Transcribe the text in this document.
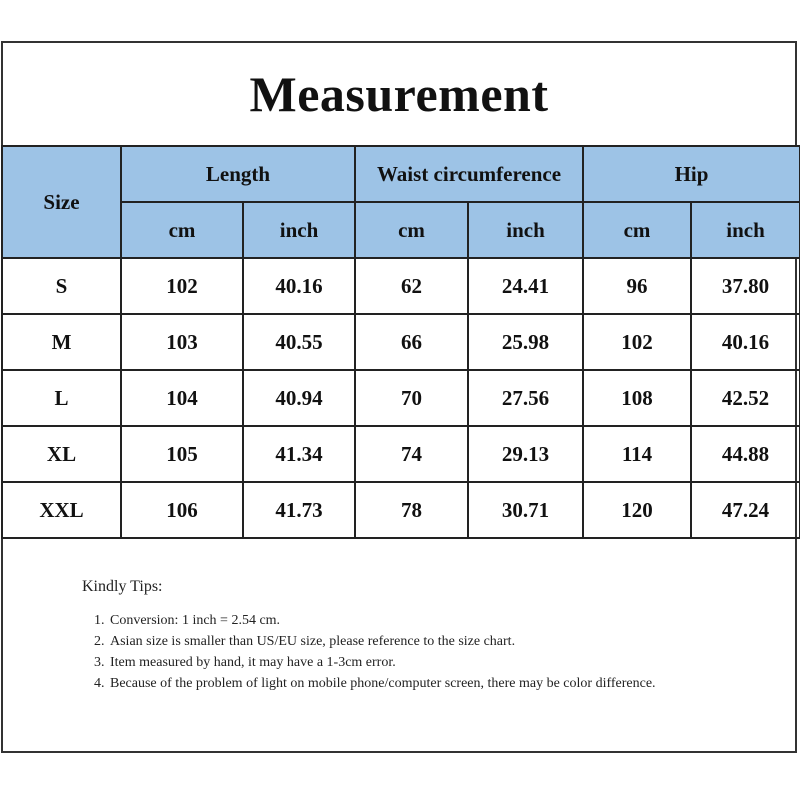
Measurement
Size	Length		Waist circumference		Hip	
	cm	inch	cm	inch	cm	inch
S	102	40.16	62	24.41	96	37.80
M	103	40.55	66	25.98	102	40.16
L	104	40.94	70	27.56	108	42.52
XL	105	41.34	74	29.13	114	44.88
XXL	106	41.73	78	30.71	120	47.24
Kindly Tips:
1. Conversion: 1 inch = 2.54 cm.
2. Asian size is smaller than US/EU size, please reference to the size chart.
3. Item measured by hand, it may have a 1-3cm error.
4. Because of the problem of light on mobile phone/computer screen, there may be color difference.
